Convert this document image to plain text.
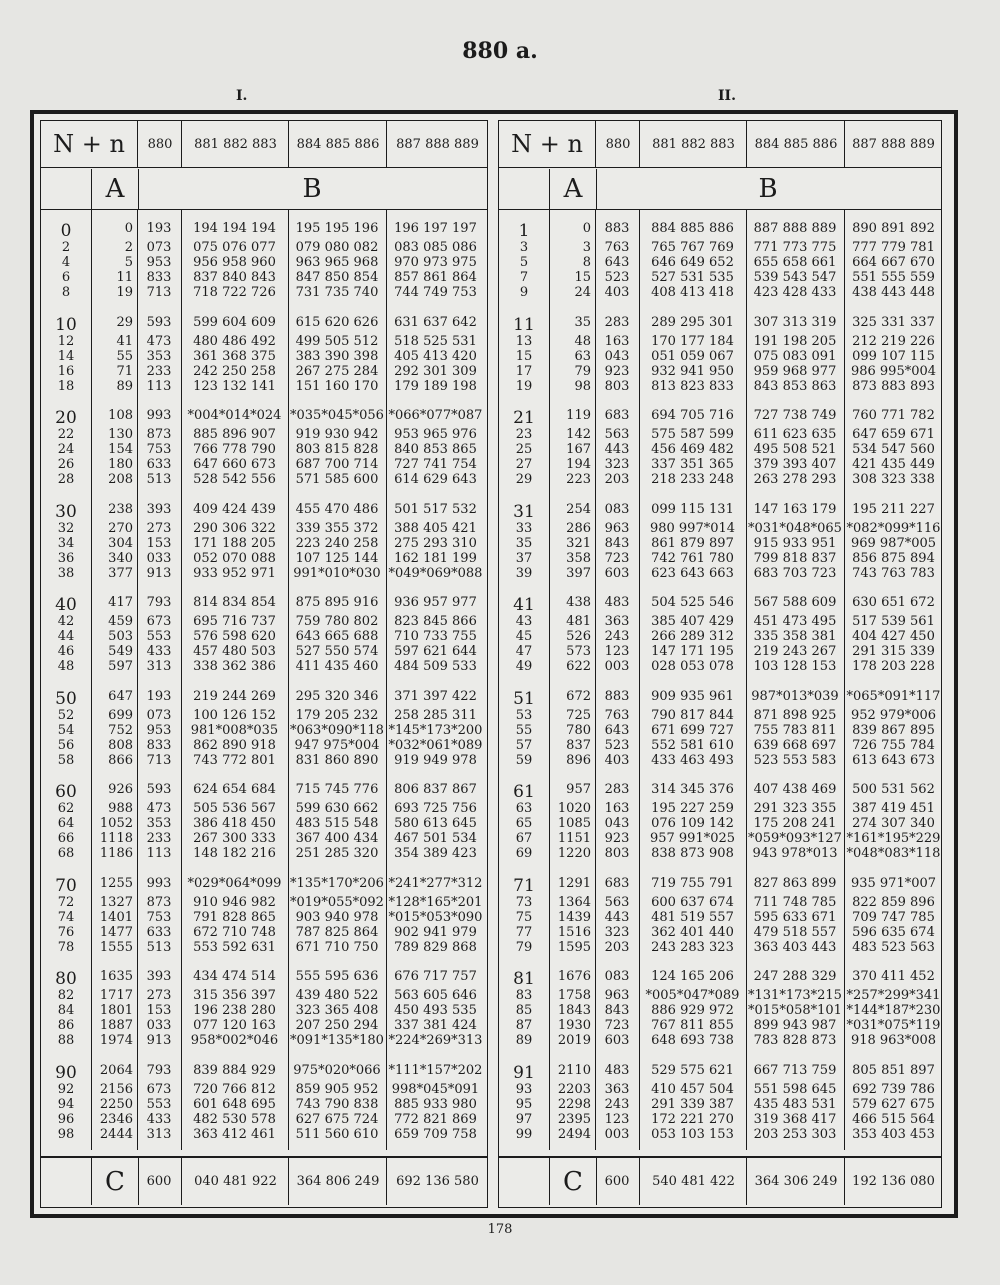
880 a.
I.	II.
N + n	880	881 882 883	884 885 886	887 888 889
A	B
0	0	193	194 194 194	195 195 196	196 197 197
2	2	073	075 076 077	079 080 082	083 085 086
4	5	953	956 958 960	963 965 968	970 973 975
6	11	833	837 840 843	847 850 854	857 861 864
8	19	713	718 722 726	731 735 740	744 749 753
10	29	593	599 604 609	615 620 626	631 637 642
12	41	473	480 486 492	499 505 512	518 525 531
14	55	353	361 368 375	383 390 398	405 413 420
16	71	233	242 250 258	267 275 284	292 301 309
18	89	113	123 132 141	151 160 170	179 189 198
20	108	993	*004*014*024 *035*045*056 *066*077*087
22	130	873	885 896 907	919 930 942	953 965 976
24	154	753	766 778 790	803 815 828	840 853 865
26	180	633	647 660 673	687 700 714	727 741 754
28	208	513	528 542 556	571 585 600	614 629 643
30	238	393	409 424 439	455 470 486	501 517 532
32	270	273	290 306 322	339 355 372	388 405 421
34	304	153	171 188 205	223 240 258	275 293 310
36	340	033	052 070 088	107 125 144	162 181 199
38	377	913	933 952 971	991*010*030 *049*069*088
40	417	793	814 834 854	875 895 916	936 957 977
42	459	673	695 716 737	759 780 802	823 845 866
44	503	553	576 598 620	643 665 688	710 733 755
46	549	433	457 480 503	527 550 574	597 621 644
48	597	313	338 362 386	411 435 460	484 509 533
50	647	193	219 244 269	295 320 346	371 397 422
52	699	073	100 126 152	179 205 232	258 285 311
54	752	953	981*008*035 *063*090*118 *145*173*200
56	808	833	862 890 918	947 975*004 *032*061*089
58	866	713	743 772 801	831 860 890	919 949 978
60	926	593	624 654 684	715 745 776	806 837 867
62	988	473	505 536 567	599 630 662	693 725 756
64	1052	353	386 418 450	483 515 548	580 613 645
66	1118	233	267 300 333	367 400 434	467 501 534
68	1186	113	148 182 216	251 285 320	354 389 423
70	1255	993	*029*064*099 *135*170*206 *241*277*312
72	1327	873	910 946 982	*019*055*092 *128*165*201
74	1401	753	791 828 865	903 940 978 *015*053*090
76	1477	633	672 710 748	787 825 864	902 941 979
78	1555	513	553 592 631	671 710 750	789 829 868
80	1635	393	434 474 514	555 595 636	676 717 757
82	1717	273	315 356 397	439 480 522	563 605 646
84	1801	153	196 238 280	323 365 408	450 493 535
86	1887	033	077 120 163	207 250 294	337 381 424
88	1974	913	958*002*046 *091*135*180 *224*269*313
90	2064	793	839 884 929	975*020*066 *111*157*202
92	2156	673	720 766 812	859 905 952	998*045*091
94	2250	553	601 648 695	743 790 838	885 933 980
96	2346	433	482 530 578	627 675 724	772 821 869
98	2444	313	363 412 461	511 560 610	659 709 758
C	600	040 481 922	364 806 249	692 136 580
N + n	880	881 882 883	884 885 886	887 888 889
A	B
1	0	883	884 885 886	887 888 889	890 891 892
3	3	763	765 767 769	771 773 775	777 779 781
5	8	643	646 649 652	655 658 661	664 667 670
7	15	523	527 531 535	539 543 547	551 555 559
9	24	403	408 413 418	423 428 433	438 443 448
11	35	283	289 295 301	307 313 319	325 331 337
13	48	163	170 177 184	191 198 205	212 219 226
15	63	043	051 059 067	075 083 091	099 107 115
17	79	923	932 941 950	959 968 977	986 995*004
19	98	803	813 823 833	843 853 863	873 883 893
21	119	683	694 705 716	727 738 749	760 771 782
23	142	563	575 587 599	611 623 635	647 659 671
25	167	443	456 469 482	495 508 521	534 547 560
27	194	323	337 351 365	379 393 407	421 435 449
29	223	203	218 233 248	263 278 293	308 323 338
31	254	083	099 115 131	147 163 179	195 211 227
33	286	963	980 997*014 *031*048*065 *082*099*116
35	321	843	861 879 897	915 933 951	969 987*005
37	358	723	742 761 780	799 818 837	856 875 894
39	397	603	623 643 663	683 703 723	743 763 783
41	438	483	504 525 546	567 588 609	630 651 672
43	481	363	385 407 429	451 473 495	517 539 561
45	526	243	266 289 312	335 358 381	404 427 450
47	573	123	147 171 195	219 243 267	291 315 339
49	622	003	028 053 078	103 128 153	178 203 228
51	672	883	909 935 961	987*013*039 *065*091*117
53	725	763	790 817 844	871 898 925	952 979*006
55	780	643	671 699 727	755 783 811	839 867 895
57	837	523	552 581 610	639 668 697	726 755 784
59	896	403	433 463 493	523 553 583	613 643 673
61	957	283	314 345 376	407 438 469	500 531 562
63	1020	163	195 227 259	291 323 355	387 419 451
65	1085	043	076 109 142	175 208 241	274 307 340
67	1151	923	957 991*025 *059*093*127 *161*195*229
69	1220	803	838 873 908	943 978*013 *048*083*118
71	1291	683	719 755 791	827 863 899	935 971*007
73	1364	563	600 637 674	711 748 785	822 859 896
75	1439	443	481 519 557	595 633 671	709 747 785
77	1516	323	362 401 440	479 518 557	596 635 674
79	1595	203	243 283 323	363 403 443	483 523 563
81	1676	083	124 165 206	247 288 329	370 411 452
83	1758	963	*005*047*089 *131*173*215 *257*299*341
85	1843	843	886 929 972	*015*058*101 *144*187*230
87	1930	723	767 811 855	899 943 987 *031*075*119
89	2019	603	648 693 738	783 828 873	918 963*008
91	2110	483	529 575 621	667 713 759	805 851 897
93	2203	363	410 457 504	551 598 645	692 739 786
95	2298	243	291 339 387	435 483 531	579 627 675
97	2395	123	172 221 270	319 368 417	466 515 564
99	2494	003	053 103 153	203 253 303	353 403 453
C	600	540 481 422	364 306 249	192 136 080
178
